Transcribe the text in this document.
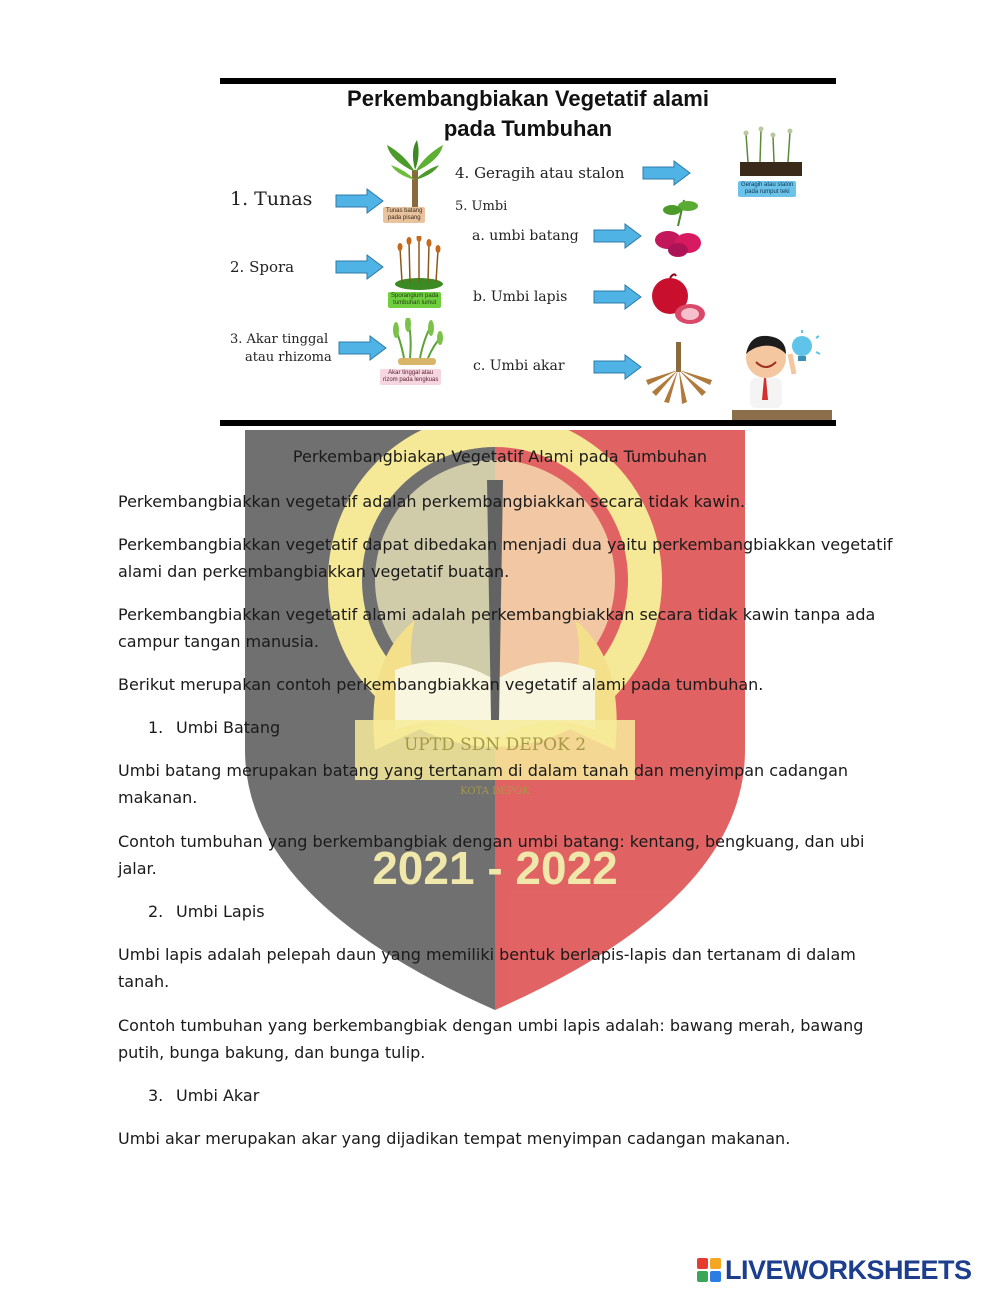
UPTD SDN DEPOK 2
KOTA DEPOK
2021 - 2022
Perkembangbiakan Vegetatif alami
pada Tumbuhan
1. Tunas
2. Spora
3. Akar tinggal
atau rhizoma
4. Geragih atau stalon
5. Umbi
a. umbi batang
b. Umbi lapis
c. Umbi akar
Tunas batang
pada pisang
Sporangium pada
tumbuhan lumut
Akar tinggal atau
rizom pada lengkuas
Geragih atau stalon
pada rumput teki
Perkembangbiakan Vegetatif Alami pada Tumbuhan

Perkembangbiakkan vegetatif adalah perkembangbiakkan secara tidak kawin.

Perkembangbiakkan vegetatif dapat dibedakan menjadi dua yaitu perkembangbiakkan vegetatif alami dan perkembangbiakkan vegetatif buatan.

Perkembangbiakkan vegetatif alami adalah perkembangbiakkan secara tidak kawin tanpa ada campur tangan manusia.

Berikut merupakan contoh perkembangbiakkan vegetatif alami pada tumbuhan.

1. Umbi Batang

Umbi batang merupakan batang yang tertanam di dalam tanah dan menyimpan cadangan makanan.

Contoh tumbuhan yang berkembangbiak dengan umbi batang: kentang, bengkuang, dan ubi jalar.

2. Umbi Lapis

Umbi lapis adalah pelepah daun yang memiliki bentuk berlapis-lapis dan tertanam di dalam tanah.

Contoh tumbuhan yang berkembangbiak dengan umbi lapis adalah: bawang merah, bawang putih, bunga bakung, dan bunga tulip.

3. Umbi Akar

Umbi akar merupakan akar yang dijadikan tempat menyimpan cadangan makanan.

LIVEWORKSHEETS
